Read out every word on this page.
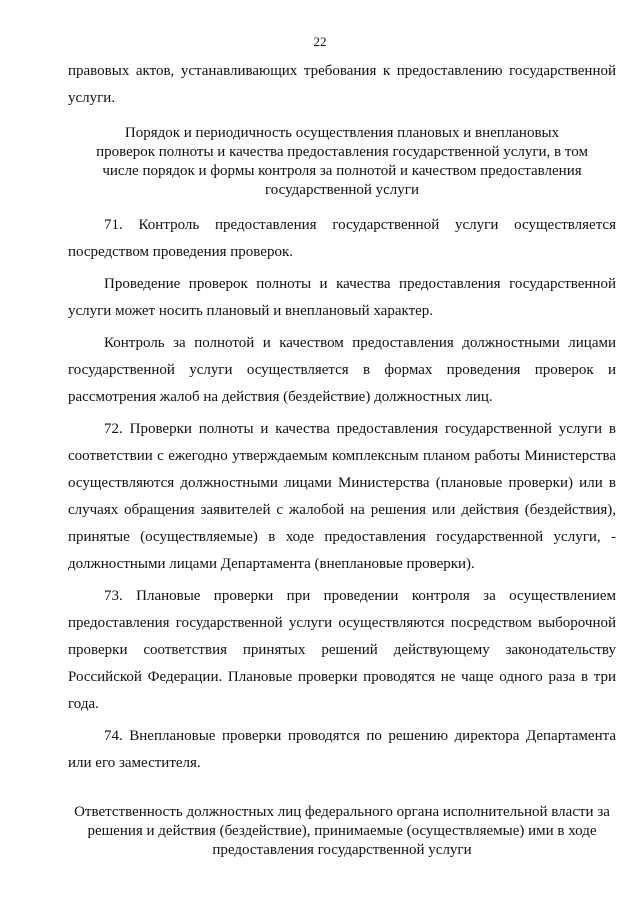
22

правовых актов, устанавливающих требования к предоставлению государственной услуги.

Порядок и периодичность осуществления плановых и внеплановых проверок полноты и качества предоставления государственной услуги, в том числе порядок и формы контроля за полнотой и качеством предоставления государственной услуги

71. Контроль предоставления государственной услуги осуществляется посредством проведения проверок.

Проведение проверок полноты и качества предоставления государственной услуги может носить плановый и внеплановый характер.

Контроль за полнотой и качеством предоставления должностными лицами государственной услуги осуществляется в формах проведения проверок и рассмотрения жалоб на действия (бездействие) должностных лиц.

72. Проверки полноты и качества предоставления государственной услуги в соответствии с ежегодно утверждаемым комплексным планом работы Министерства осуществляются должностными лицами Министерства (плановые проверки) или в случаях обращения заявителей с жалобой на решения или действия (бездействия), принятые (осуществляемые) в ходе предоставления государственной услуги, - должностными лицами Департамента (внеплановые проверки).

73. Плановые проверки при проведении контроля за осуществлением предоставления государственной услуги осуществляются посредством выборочной проверки соответствия принятых решений действующему законодательству Российской Федерации. Плановые проверки проводятся не чаще одного раза в три года.

74. Внеплановые проверки проводятся по решению директора Департамента или его заместителя.

Ответственность должностных лиц федерального органа исполнительной власти за решения и действия (бездействие), принимаемые (осуществляемые) ими в ходе предоставления государственной услуги
